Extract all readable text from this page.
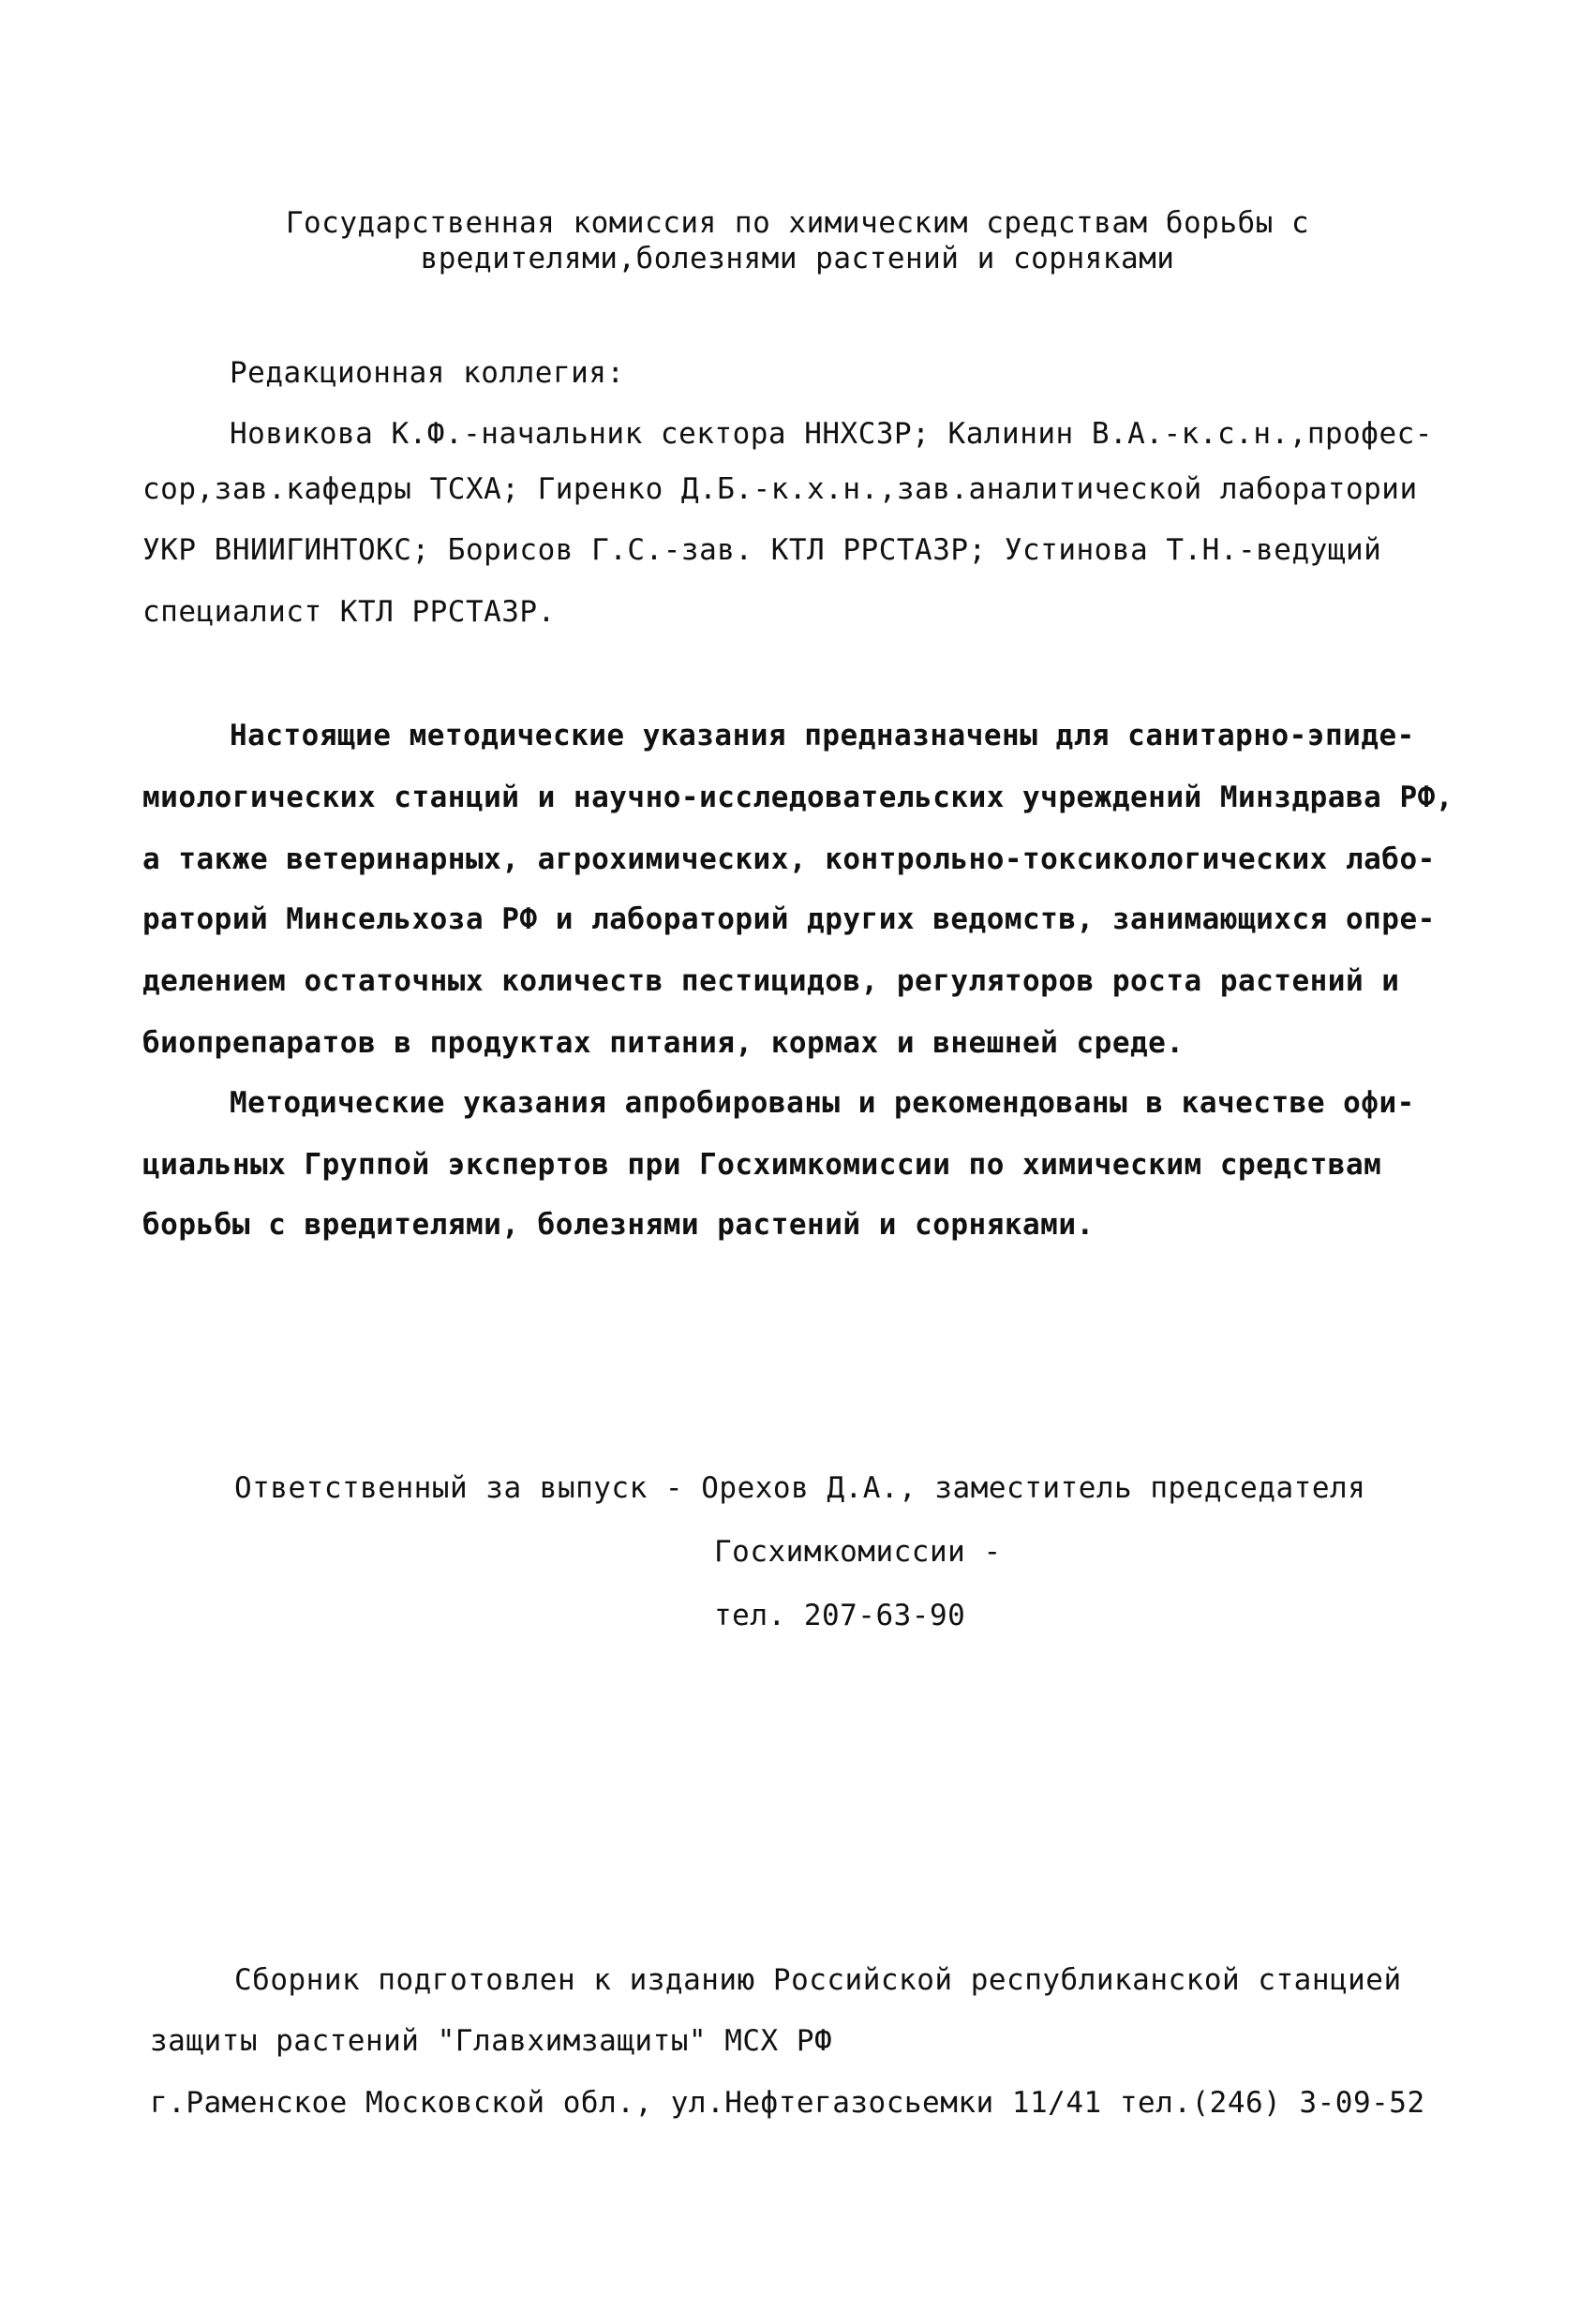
Государственная комиссия по химическим средствам борьбы с
вредителями,болезнями растений и сорняками
Редакционная коллегия:
Новикова К.Ф.-начальник сектора ННХСЗР; Калинин В.А.-к.с.н.,профес-
сор,зав.кафедры ТСХА; Гиренко Д.Б.-к.х.н.,зав.аналитической лаборатории
УКР ВНИИГИНТОКС; Борисов Г.С.-зав. КТЛ РРСТАЗР; Устинова Т.Н.-ведущий
специалист КТЛ РРСТАЗР.
Настоящие методические указания предназначены для санитарно-эпиде-
миологических станций и научно-исследовательских учреждений Минздрава РФ,
а также ветеринарных, агрохимических, контрольно-токсикологических лабо-
раторий Минсельхоза РФ и лабораторий других ведомств, занимающихся опре-
делением остаточных количеств пестицидов, регуляторов роста растений и
биопрепаратов в продуктах питания, кормах и внешней среде.
Методические указания апробированы и рекомендованы в качестве офи-
циальных Группой экспертов при Госхимкомиссии по химическим средствам
борьбы с вредителями, болезнями растений и сорняками.
Ответственный за выпуск - Орехов Д.А., заместитель председателя
Госхимкомиссии -
тел. 207-63-90
Сборник подготовлен к изданию Российской республиканской станцией
защиты растений "Главхимзащиты" МСХ РФ
г.Раменское Московской обл., ул.Нефтегазосьемки 11/41 тел.(246) 3-09-52
